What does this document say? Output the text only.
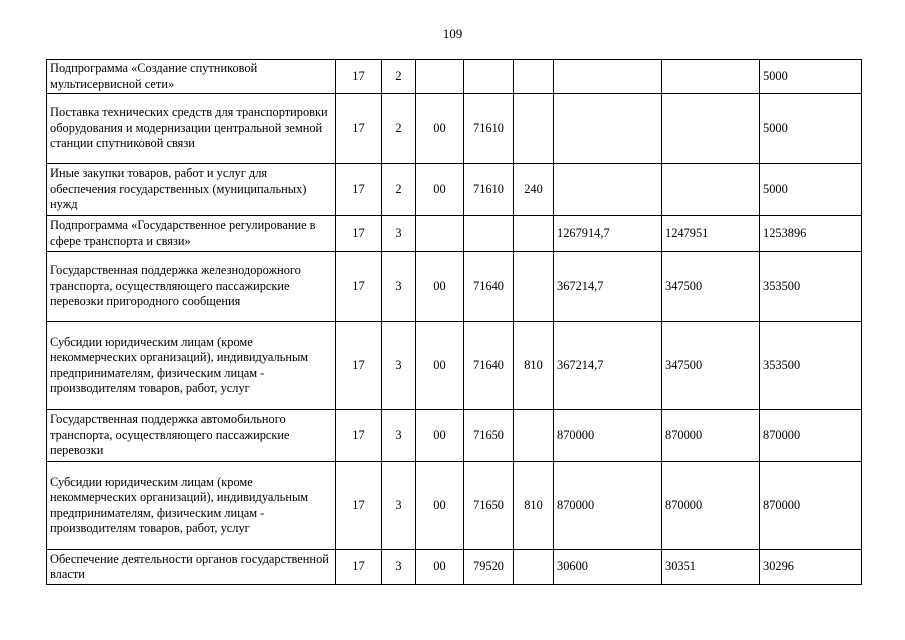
109
Подпрограмма «Создание спутниковой мультисервисной сети»	17	2						5000
Поставка технических средств для транспортировки оборудования и модернизации центральной земной станции спутниковой связи	17	2	00	71610				5000
Иные закупки товаров, работ и услуг для обеспечения государственных (муниципальных) нужд	17	2	00	71610	240			5000
Подпрограмма «Государственное регулирование в сфере транспорта и связи»	17	3				1267914,7	1247951	1253896
Государственная поддержка железнодорожного транспорта, осуществляющего пассажирские перевозки пригородного сообщения	17	3	00	71640		367214,7	347500	353500
Субсидии юридическим лицам (кроме некоммерческих организаций), индивидуальным предпринимателям, физическим лицам - производителям товаров, работ, услуг	17	3	00	71640	810	367214,7	347500	353500
Государственная поддержка автомобильного транспорта, осуществляющего пассажирские перевозки	17	3	00	71650		870000	870000	870000
Субсидии юридическим лицам (кроме некоммерческих организаций), индивидуальным предпринимателям, физическим лицам - производителям товаров, работ, услуг	17	3	00	71650	810	870000	870000	870000
Обеспечение деятельности органов государственной власти	17	3	00	79520		30600	30351	30296
